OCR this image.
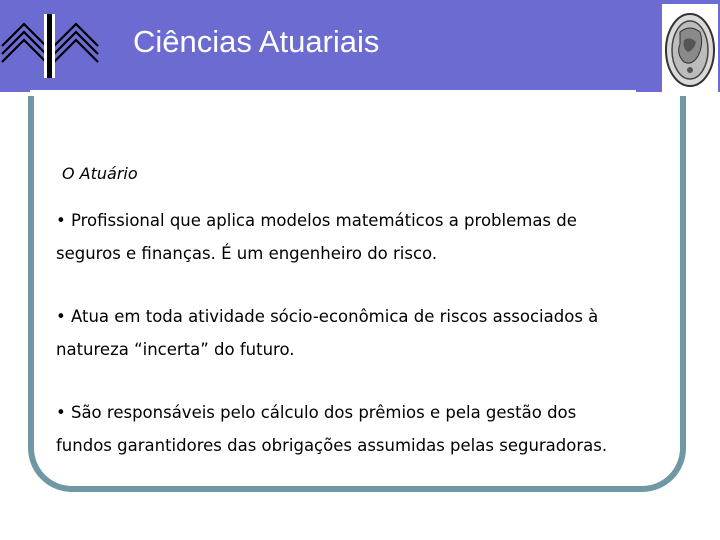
Ciências Atuariais
O Atuário

• Profissional que aplica modelos matemáticos a problemas de
seguros e finanças. É um engenheiro do risco.

• Atua em toda atividade sócio-econômica de riscos associados à
natureza “incerta” do futuro.

• São responsáveis pelo cálculo dos prêmios e pela gestão dos
fundos garantidores das obrigações assumidas pelas seguradoras.
